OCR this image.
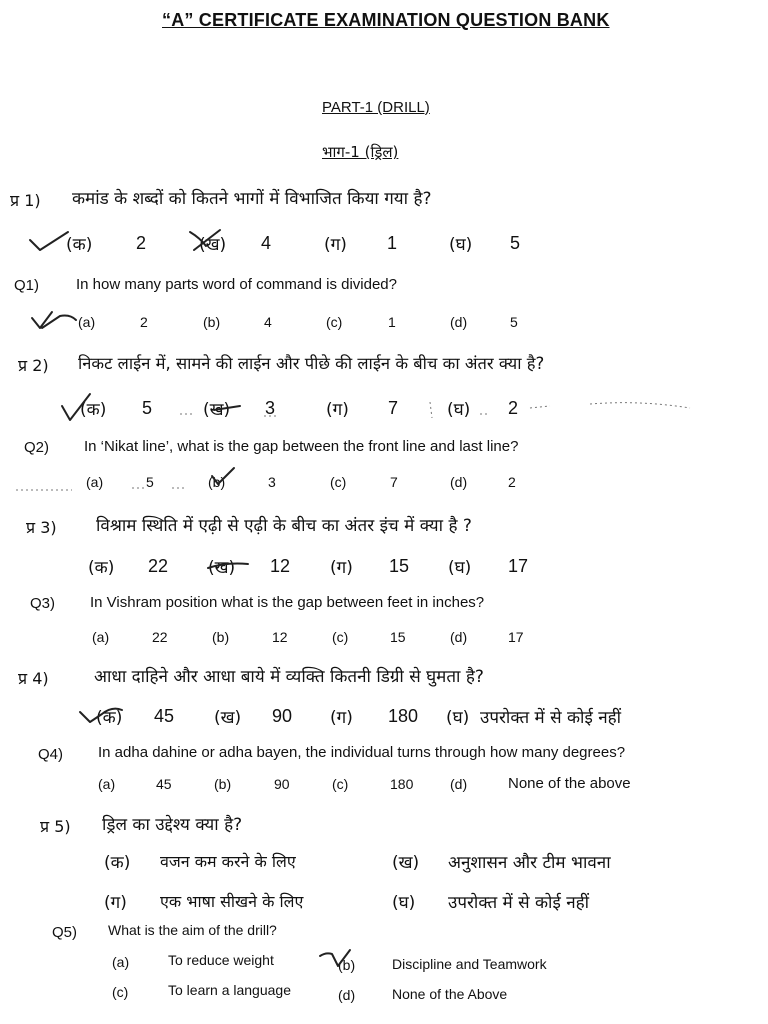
“A” CERTIFICATE EXAMINATION QUESTION BANK
PART-1 (DRILL)
भाग-1 (ड्रिल)
प्र 1) कमांड के शब्दों को कितने भागों में विभाजित किया गया है?
(क) 2	(ख) 4	(ग) 1	(घ) 5
Q1) In how many parts word of command is divided?
(a)	2	(b)	4	(c)	1	(d)	5
प्र 2) निकट लाईन में, सामने की लाईन और पीछे की लाईन के बीच का अंतर क्या है?
(क) 5	(ख) 3	(ग) 7	(घ) 2
Q2) In ‘Nikat line’, what is the gap between the front line and last line?
(a)	5	(b)	3	(c)	7	(d)	2
प्र 3) विश्राम स्थिति में एढ़ी से एढ़ी के बीच का अंतर इंच में क्या है ?
(क) 22 (ख) 12 (ग) 15 (घ) 17
Q3) In Vishram position what is the gap between feet in inches?
(a)	22	(b)	12	(c)	15	(d)	17
प्र 4)	आधा दाहिने और आधा बाये में व्यक्ति कितनी डिग्री से घुमता है?
(क) 45 (ख) 90 (ग) 180 (घ) उपरोक्त में से कोई नहीं
Q4) In adha dahine or adha bayen, the individual turns through how many degrees?
(a)	45	(b)	90	(c)	180	(d)	None of the above
प्र 5) ड्रिल का उद्देश्य क्या है?
(क) वजन कम करने के लिए	(ख) अनुशासन और टीम भावना
(ग) एक भाषा सीखने के लिए	(घ) उपरोक्त में से कोई नहीं
Q5) What is the aim of the drill?
(a)	To reduce weight	(b)	Discipline and Teamwork
(c)	To learn a language	(d)	None of the Above
